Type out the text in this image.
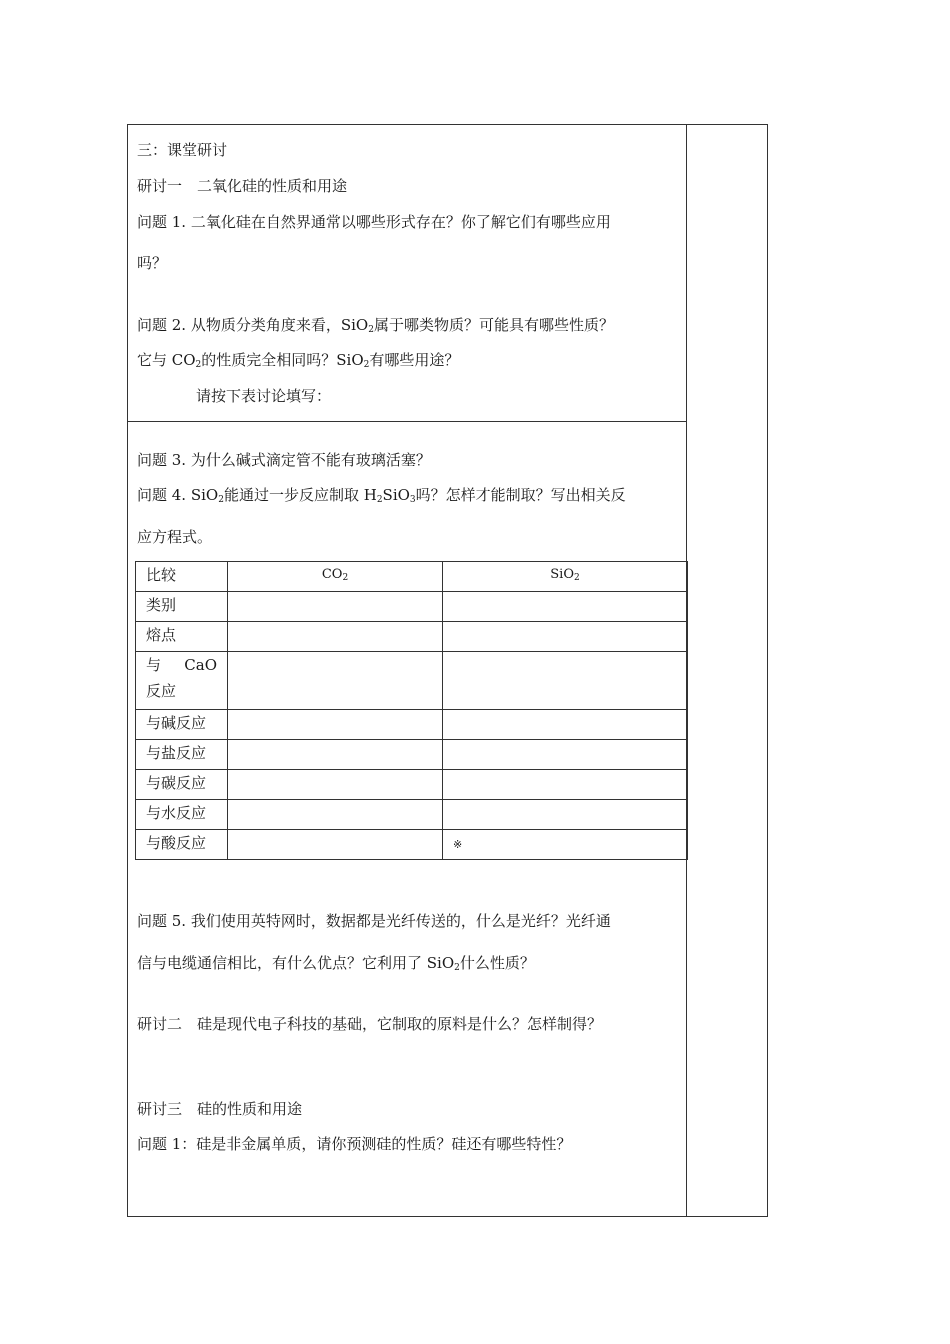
三：课堂研讨
研讨一　二氧化硅的性质和用途
问题 1. 二氧化硅在自然界通常以哪些形式存在？你了解它们有哪些应用
吗？
问题 2. 从物质分类角度来看，SiO$_2$属于哪类物质？可能具有哪些性质？
它与 $CO_2$的性质完全相同吗？SiO$_2$有哪些用途？
请按下表讨论填写：
问题 3. 为什么碱式滴定管不能有玻璃活塞？
问题 4. SiO$_2$能通过一步反应制取 $H_2SiO_3$吗？怎样才能制取？写出相关反
应方程式。
比较	$CO_2$	SiO$_2$
类别		
熔点		
与 CaO 反应		
与碱反应		
与盐反应		
与碳反应		
与水反应		
与酸反应		※
问题 5. 我们使用英特网时，数据都是光纤传送的，什么是光纤？光纤通
信与电缆通信相比，有什么优点？它利用了 SiO$_2$什么性质？
研讨二　硅是现代电子科技的基础，它制取的原料是什么？怎样制得？
研讨三　硅的性质和用途
问题 1：硅是非金属单质，请你预测硅的性质？硅还有哪些特性？
